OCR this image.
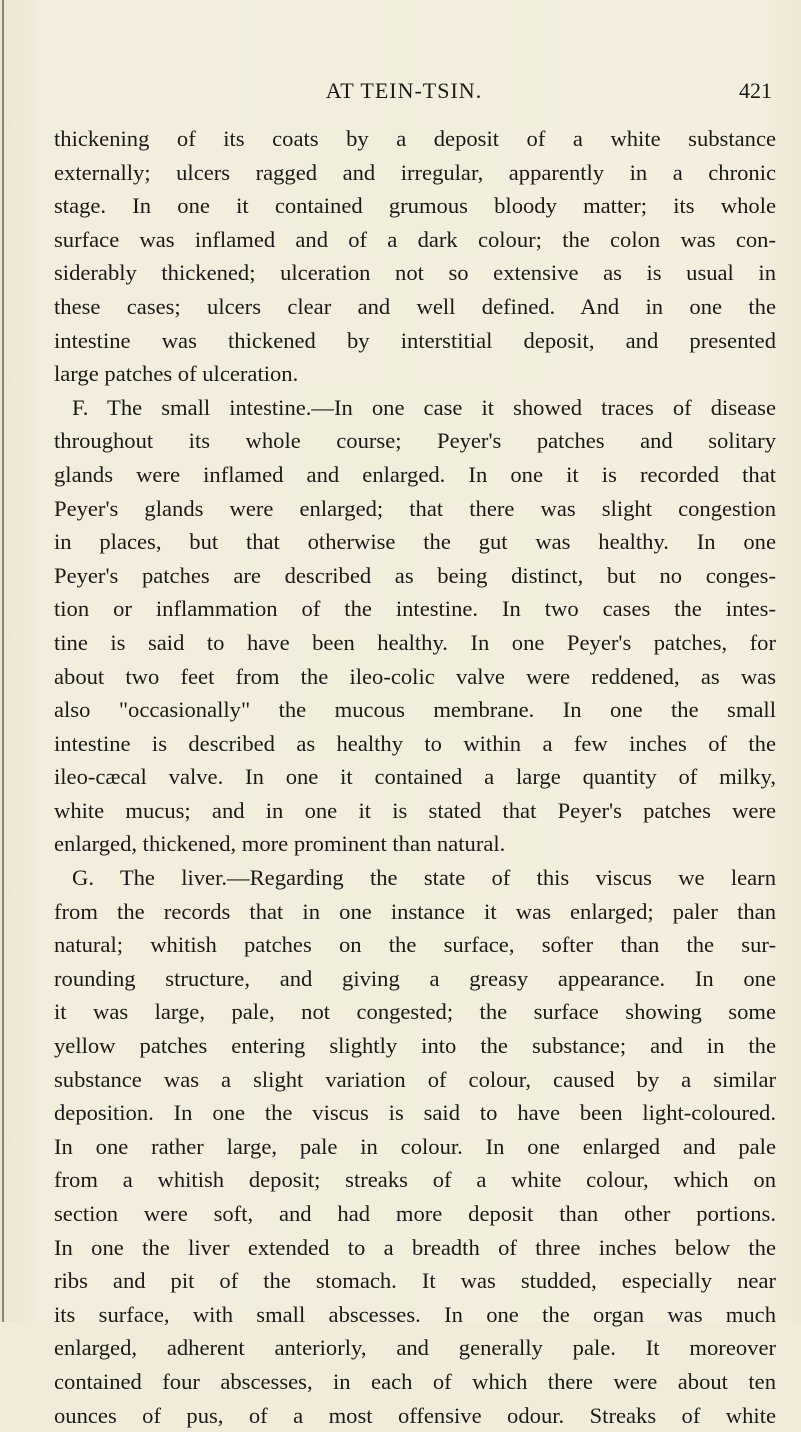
AT TEIN-TSIN.	421
thickening of its coats by a deposit of a white substance
externally; ulcers ragged and irregular, apparently in a chronic
stage. In one it contained grumous bloody matter; its whole
surface was inflamed and of a dark colour; the colon was con-
siderably thickened; ulceration not so extensive as is usual in
these cases; ulcers clear and well defined. And in one the
intestine was thickened by interstitial deposit, and presented
large patches of ulceration.
F. The small intestine.—In one case it showed traces of disease
throughout its whole course; Peyer's patches and solitary
glands were inflamed and enlarged. In one it is recorded that
Peyer's glands were enlarged; that there was slight congestion
in places, but that otherwise the gut was healthy. In one
Peyer's patches are described as being distinct, but no conges-
tion or inflammation of the intestine. In two cases the intes-
tine is said to have been healthy. In one Peyer's patches, for
about two feet from the ileo-colic valve were reddened, as was
also "occasionally" the mucous membrane. In one the small
intestine is described as healthy to within a few inches of the
ileo-cæcal valve. In one it contained a large quantity of milky,
white mucus; and in one it is stated that Peyer's patches were
enlarged, thickened, more prominent than natural.
G. The liver.—Regarding the state of this viscus we learn
from the records that in one instance it was enlarged; paler than
natural; whitish patches on the surface, softer than the sur-
rounding structure, and giving a greasy appearance. In one
it was large, pale, not congested; the surface showing some
yellow patches entering slightly into the substance; and in the
substance was a slight variation of colour, caused by a similar
deposition. In one the viscus is said to have been light-coloured.
In one rather large, pale in colour. In one enlarged and pale
from a whitish deposit; streaks of a white colour, which on
section were soft, and had more deposit than other portions.
In one the liver extended to a breadth of three inches below the
ribs and pit of the stomach. It was studded, especially near
its surface, with small abscesses. In one the organ was much
enlarged, adherent anteriorly, and generally pale. It moreover
contained four abscesses, in each of which there were about ten
ounces of pus, of a most offensive odour. Streaks of white
